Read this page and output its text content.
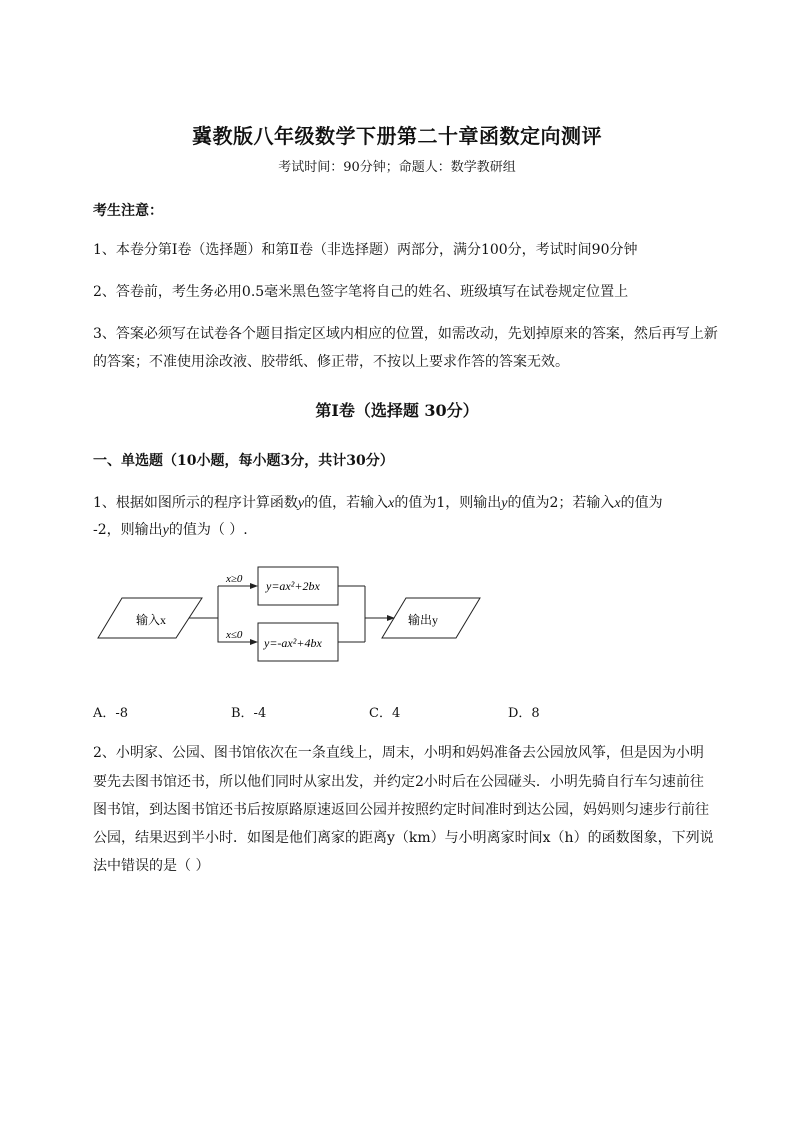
冀教版八年级数学下册第二十章函数定向测评
考试时间：90分钟；命题人：数学教研组
考生注意：
1、本卷分第I卷（选择题）和第Ⅱ卷（非选择题）两部分，满分100分，考试时间90分钟
2、答卷前，考生务必用0.5毫米黑色签字笔将自己的姓名、班级填写在试卷规定位置上
3、答案必须写在试卷各个题目指定区域内相应的位置，如需改动，先划掉原来的答案，然后再写上新
的答案；不准使用涂改液、胶带纸、修正带，不按以上要求作答的答案无效。
第I卷（选择题 30分）
一、单选题（10小题，每小题3分，共计30分）
1、根据如图所示的程序计算函数y的值，若输入x的值为1，则输出y的值为2；若输入x的值为
-2，则输出y的值为（ ）.
输入x	输出y
x≥0
x≤0
y=ax²+2bx
y=-ax²+4bx
A．-8	B．-4	C．4	D．8
2、小明家、公园、图书馆依次在一条直线上，周末，小明和妈妈准备去公园放风筝，但是因为小明
要先去图书馆还书，所以他们同时从家出发，并约定2小时后在公园碰头．小明先骑自行车匀速前往
图书馆，到达图书馆还书后按原路原速返回公园并按照约定时间准时到达公园，妈妈则匀速步行前往
公园，结果迟到半小时．如图是他们离家的距离y（km）与小明离家时间x（h）的函数图象，下列说
法中错误的是（ ）
